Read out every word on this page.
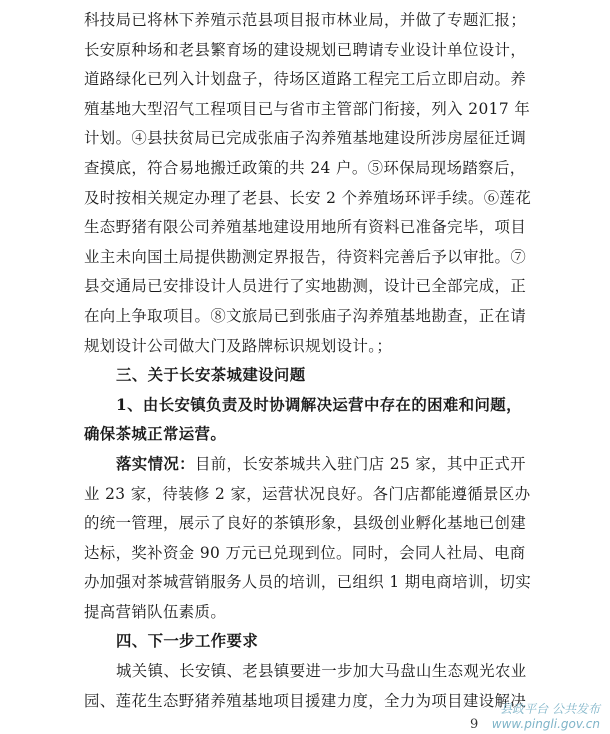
科技局已将林下养殖示范县项目报市林业局，并做了专题汇报；
长安原种场和老县繁育场的建设规划已聘请专业设计单位设计，
道路绿化已列入计划盘子，待场区道路工程完工后立即启动。养
殖基地大型沼气工程项目已与省市主管部门衔接，列入 2017 年
计划。④县扶贫局已完成张庙子沟养殖基地建设所涉房屋征迁调
查摸底，符合易地搬迁政策的共 24 户。⑤环保局现场踏察后，
及时按相关规定办理了老县、长安 2 个养殖场环评手续。⑥莲花
生态野猪有限公司养殖基地建设用地所有资料已准备完毕，项目
业主未向国土局提供勘测定界报告，待资料完善后予以审批。⑦
县交通局已安排设计人员进行了实地勘测，设计已全部完成，正
在向上争取项目。⑧文旅局已到张庙子沟养殖基地勘查，正在请
规划设计公司做大门及路牌标识规划设计。；
三、关于长安茶城建设问题
1、由长安镇负责及时协调解决运营中存在的困难和问题，
确保茶城正常运营。
落实情况：目前，长安茶城共入驻门店 25 家，其中正式开
业 23 家，待装修 2 家，运营状况良好。各门店都能遵循景区办
的统一管理，展示了良好的茶镇形象，县级创业孵化基地已创建
达标，奖补资金 90 万元已兑现到位。同时，会同人社局、电商
办加强对茶城营销服务人员的培训，已组织 1 期电商培训，切实
提高营销队伍素质。
四、下一步工作要求
城关镇、长安镇、老县镇要进一步加大马盘山生态观光农业
园、莲花生态野猪养殖基地项目援建力度，全力为项目建设解决
9
县政平台 公共发布
www.pingli.gov.cn
